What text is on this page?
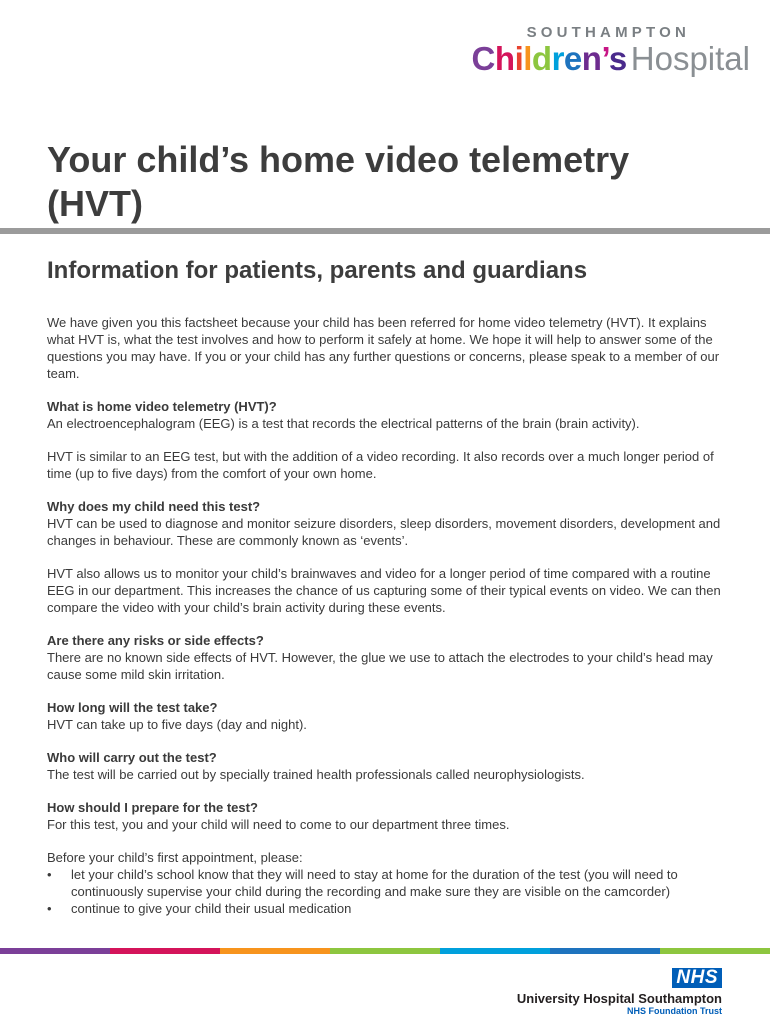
SOUTHAMPTON
Children’s Hospital
Your child’s home video telemetry
(HVT)
Information for patients, parents and guardians

We have given you this factsheet because your child has been referred for home video telemetry (HVT). It explains what HVT is, what the test involves and how to perform it safely at home. We hope it will help to answer some of the questions you may have. If you or your child has any further questions or concerns, please speak to a member of our team.

What is home video telemetry (HVT)?

An electroencephalogram (EEG) is a test that records the electrical patterns of the brain (brain activity).

HVT is similar to an EEG test, but with the addition of a video recording. It also records over a much longer period of time (up to five days) from the comfort of your own home.

Why does my child need this test?

HVT can be used to diagnose and monitor seizure disorders, sleep disorders, movement disorders, development and changes in behaviour. These are commonly known as ‘events’.

HVT also allows us to monitor your child’s brainwaves and video for a longer period of time compared with a routine EEG in our department. This increases the chance of us capturing some of their typical events on video. We can then compare the video with your child’s brain activity during these events.

Are there any risks or side effects?

There are no known side effects of HVT. However, the glue we use to attach the electrodes to your child’s head may cause some mild skin irritation.

How long will the test take?

HVT can take up to five days (day and night).

Who will carry out the test?

The test will be carried out by specially trained health professionals called neurophysiologists.

How should I prepare for the test?

For this test, you and your child will need to come to our department three times.

Before your child’s first appointment, please:
• let your child’s school know that they will need to stay at home for the duration of the test (you will need to continuously supervise your child during the recording and make sure they are visible on the camcorder)
• continue to give your child their usual medication
NHS
University Hospital Southampton
NHS Foundation Trust
